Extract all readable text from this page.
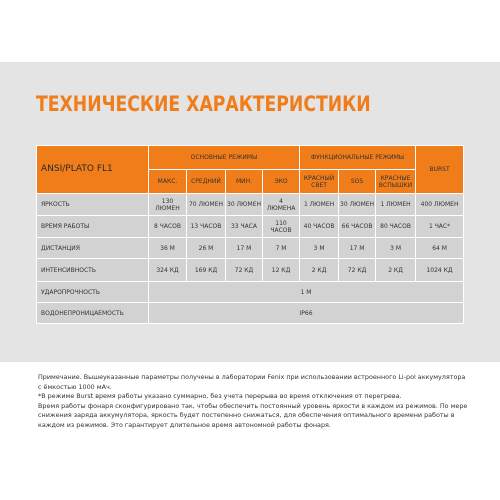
ТЕХНИЧЕСКИЕ ХАРАКТЕРИСТИКИ
ANSI/PLATO FL1	ОСНОВНЫЕ РЕЖИМЫ				ФУНКЦИОНАЛЬНЫЕ РЕЖИМЫ			BURST
	МАКС.	СРЕДНИЙ	МИН.	ЭКО	КРАСНЫЙ СВЕТ	SOS	КРАСНЫЕ ВСПЫШКИ	
ЯРКОСТЬ	130 ЛЮМЕН	70 ЛЮМЕН	30 ЛЮМЕН	4 ЛЮМЕНА	1 ЛЮМЕН	30 ЛЮМЕН	1 ЛЮМЕН	400 ЛЮМЕН
ВРЕМЯ РАБОТЫ	8 ЧАСОВ	13 ЧАСОВ	33 ЧАСА	110 ЧАСОВ	40 ЧАСОВ	66 ЧАСОВ	80 ЧАСОВ	1 ЧАС*
ДИСТАНЦИЯ	36 М	26 М	17 М	7 М	3 М	17 М	3 М	64 М
ИНТЕНСИВНОСТЬ	324 КД	169 КД	72 КД	12 КД	2 КД	72 КД	2 КД	1024 КД
УДАРОПРОЧНОСТЬ	1 М							
ВОДОНЕПРОНИЦАЕМОСТЬ	IP66							

Примечание. Вышеуказанные параметры получены в лаборатории Fenix при использовании встроенного Li-pol аккумулятора с ёмкостью 1000 мАч.

*В режиме Burst время работы указано суммарно, без учета перерыва во время отключения от перегрева.

Время работы фонаря сконфигурировано так, чтобы обеспечить постоянный уровень яркости в каждом из режимов. По мере снижения заряда аккумулятора, яркость будет постепенно снижаться, для обеспечения оптимального времени работы в каждом из режимов. Это гарантирует длительное время автономной работы фонаря.
